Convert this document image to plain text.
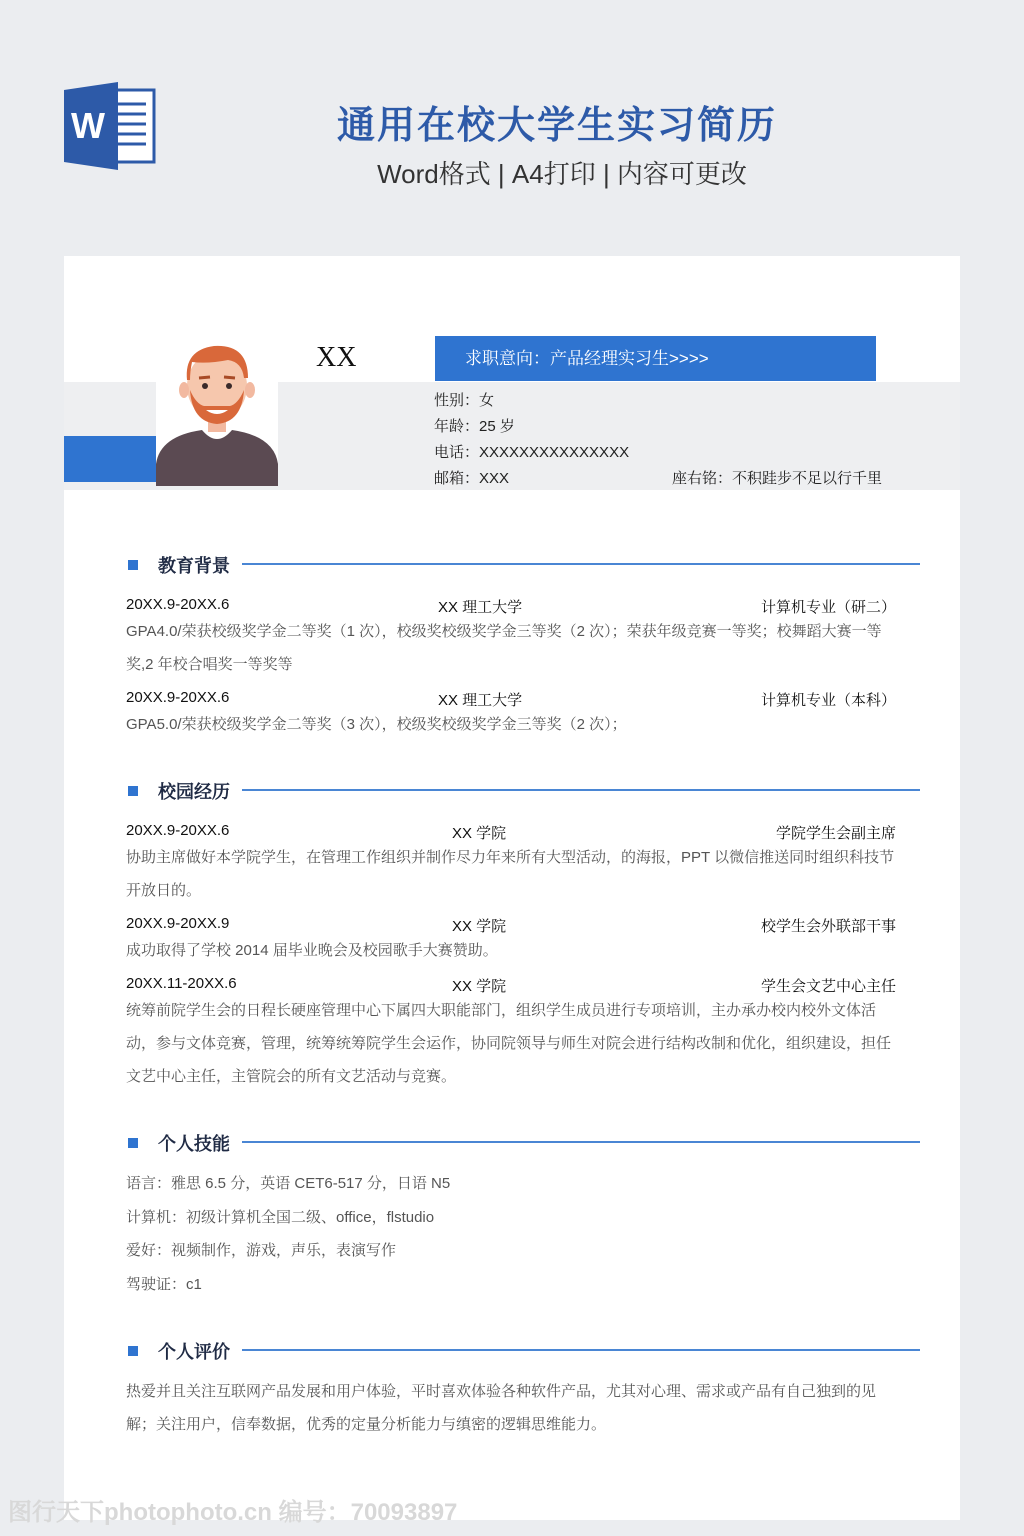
W	通用在校大学生实习简历
Word格式 | A4打印 | 内容可更改
XX	求职意向：产品经理实习生>>>>
性别：女
年龄：25 岁
电话：XXXXXXXXXXXXXXX
邮箱：XXX	座右铭：不积跬步不足以行千里
教育背景
20XX.9-20XX.6	XX 理工大学	计算机专业（研二）
GPA4.0/荣获校级奖学金二等奖（1 次），校级奖校级奖学金三等奖（2 次）；荣获年级竞赛一等奖；校舞蹈大赛一等奖,2 年校合唱奖一等奖等
20XX.9-20XX.6	XX 理工大学	计算机专业（本科）
GPA5.0/荣获校级奖学金二等奖（3 次），校级奖校级奖学金三等奖（2 次）；
校园经历
20XX.9-20XX.6	XX 学院	学院学生会副主席
协助主席做好本学院学生，在管理工作组织并制作尽力年来所有大型活动，的海报，PPT 以微信推送同时组织科技节开放日的。
20XX.9-20XX.9	XX 学院	校学生会外联部干事
成功取得了学校 2014 届毕业晚会及校园歌手大赛赞助。
20XX.11-20XX.6	XX 学院	学生会文艺中心主任
统筹前院学生会的日程长硬座管理中心下属四大职能部门，组织学生成员进行专项培训，主办承办校内校外文体活动，参与文体竞赛，管理，统筹统筹院学生会运作，协同院领导与师生对院会进行结构改制和优化，组织建设，担任文艺中心主任，主管院会的所有文艺活动与竞赛。
个人技能
语言：雅思 6.5 分，英语 CET6-517 分，日语 N5
计算机：初级计算机全国二级、office，flstudio
爱好：视频制作，游戏，声乐，表演写作
驾驶证：c1
个人评价
热爱并且关注互联网产品发展和用户体验，平时喜欢体验各种软件产品，尤其对心理、需求或产品有自己独到的见解；关注用户，信奉数据，优秀的定量分析能力与缜密的逻辑思维能力。
图行天下photophoto.cn 编号：70093897
